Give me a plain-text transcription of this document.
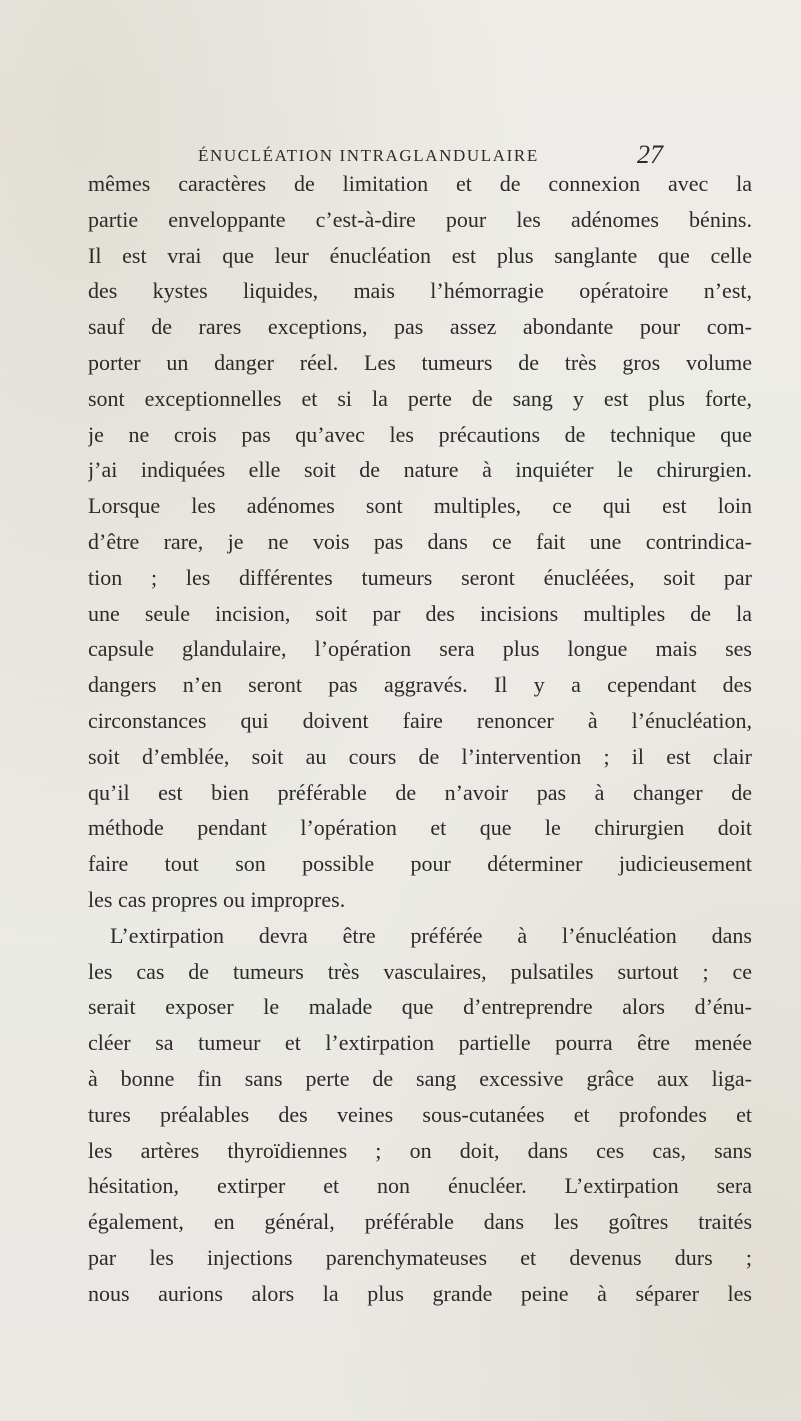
ÉNUCLÉATION INTRAGLANDULAIRE	27
mêmes caractères de limitation et de connexion avec la
partie enveloppante c’est-à-dire pour les adénomes bénins.
Il est vrai que leur énucléation est plus sanglante que celle
des kystes liquides, mais l’hémorragie opératoire n’est,
sauf de rares exceptions, pas assez abondante pour com-
porter un danger réel. Les tumeurs de très gros volume
sont exceptionnelles et si la perte de sang y est plus forte,
je ne crois pas qu’avec les précautions de technique que
j’ai indiquées elle soit de nature à inquiéter le chirurgien.
Lorsque les adénomes sont multiples, ce qui est loin
d’être rare, je ne vois pas dans ce fait une contrindica-
tion ; les différentes tumeurs seront énucléées, soit par
une seule incision, soit par des incisions multiples de la
capsule glandulaire, l’opération sera plus longue mais ses
dangers n’en seront pas aggravés. Il y a cependant des
circonstances qui doivent faire renoncer à l’énucléation,
soit d’emblée, soit au cours de l’intervention ; il est clair
qu’il est bien préférable de n’avoir pas à changer de
méthode pendant l’opération et que le chirurgien doit
faire tout son possible pour déterminer judicieusement
les cas propres ou impropres.
L’extirpation devra être préférée à l’énucléation dans
les cas de tumeurs très vasculaires, pulsatiles surtout ; ce
serait exposer le malade que d’entreprendre alors d’énu-
cléer sa tumeur et l’extirpation partielle pourra être menée
à bonne fin sans perte de sang excessive grâce aux liga-
tures préalables des veines sous-cutanées et profondes et
les artères thyroïdiennes ; on doit, dans ces cas, sans
hésitation, extirper et non énucléer. L’extirpation sera
également, en général, préférable dans les goîtres traités
par les injections parenchymateuses et devenus durs ;
nous aurions alors la plus grande peine à séparer les
